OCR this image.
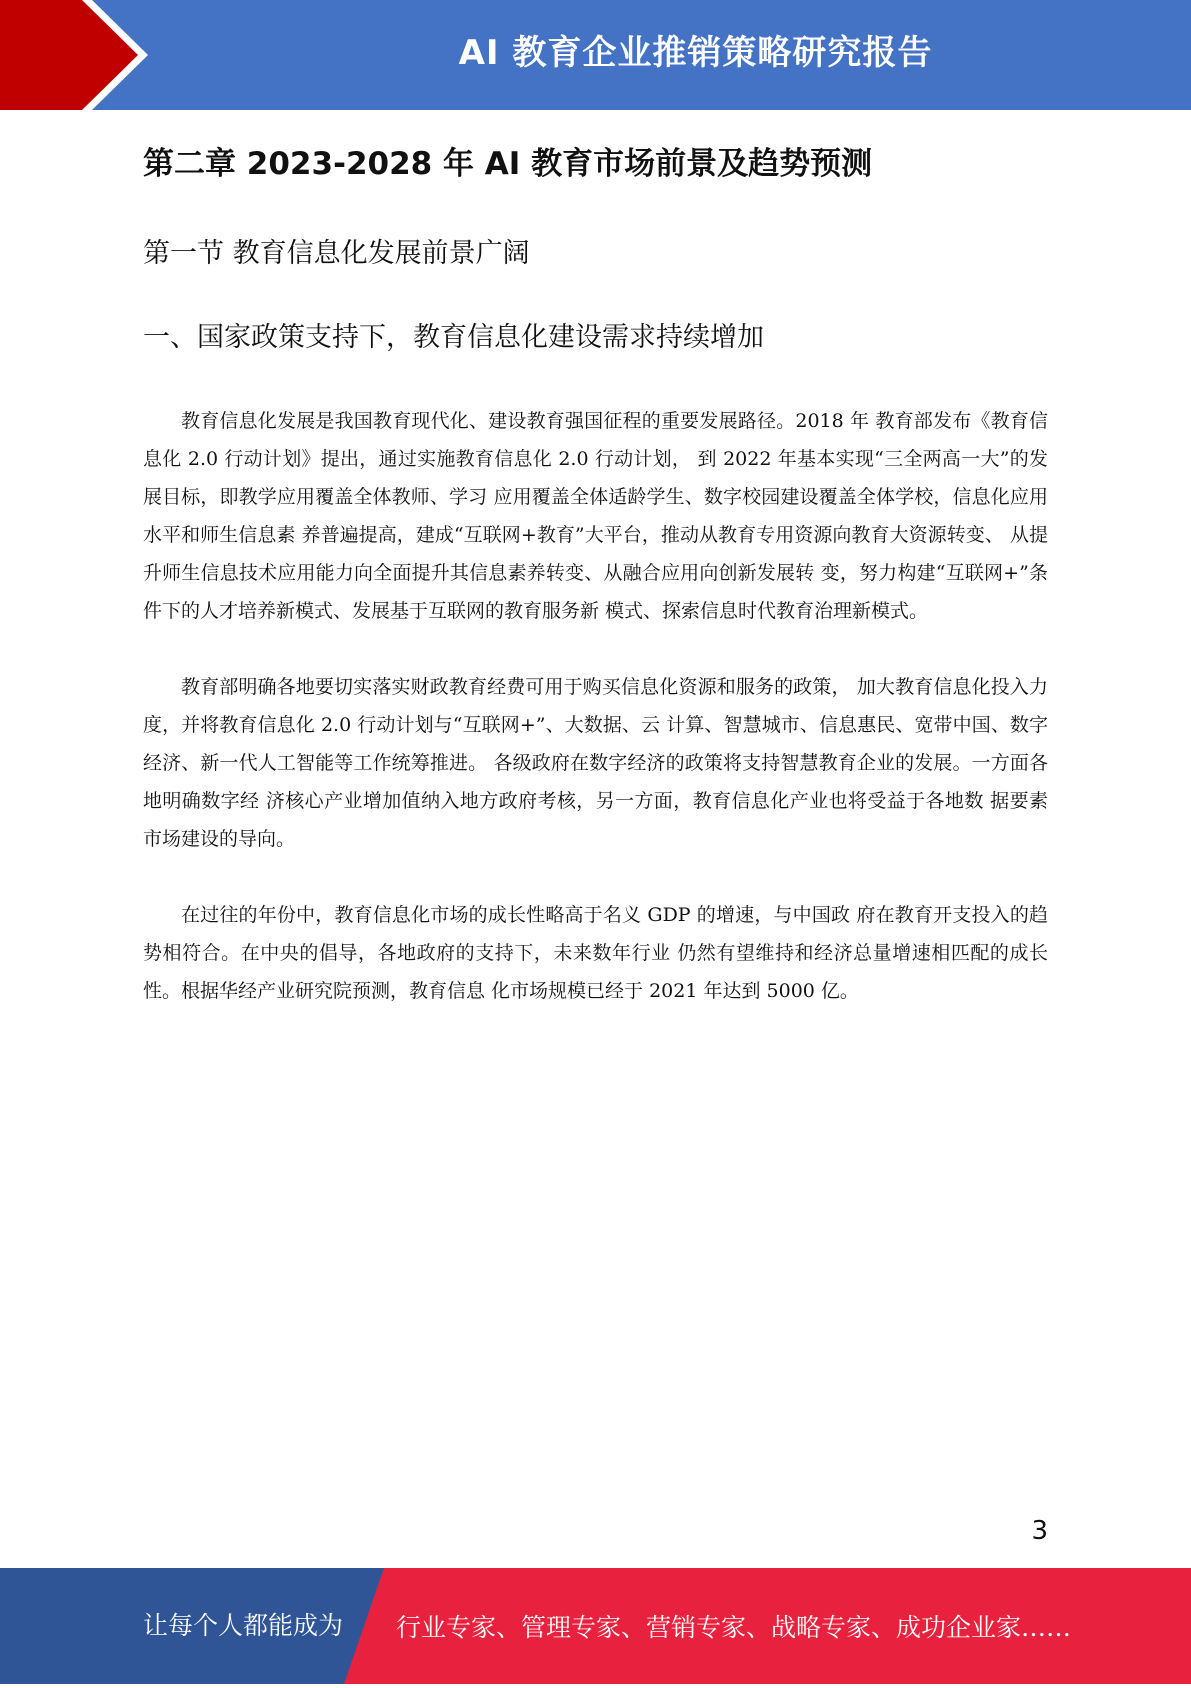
AI 教育企业推销策略研究报告
第二章 2023-2028 年 AI 教育市场前景及趋势预测
第一节 教育信息化发展前景广阔
一、国家政策支持下，教育信息化建设需求持续增加

教育信息化发展是我国教育现代化、建设教育强国征程的重要发展路径。2018 年 教育部发布《教育信息化 2.0 行动计划》提出，通过实施教育信息化 2.0 行动计划， 到 2022 年基本实现“三全两高一大”的发展目标，即教学应用覆盖全体教师、学习 应用覆盖全体适龄学生、数字校园建设覆盖全体学校，信息化应用水平和师生信息素 养普遍提高，建成“互联网+教育”大平台，推动从教育专用资源向教育大资源转变、 从提升师生信息技术应用能力向全面提升其信息素养转变、从融合应用向创新发展转 变，努力构建“互联网+”条件下的人才培养新模式、发展基于互联网的教育服务新 模式、探索信息时代教育治理新模式。

教育部明确各地要切实落实财政教育经费可用于购买信息化资源和服务的政策， 加大教育信息化投入力度，并将教育信息化 2.0 行动计划与“互联网+”、大数据、云 计算、智慧城市、信息惠民、宽带中国、数字经济、新一代人工智能等工作统筹推进。 各级政府在数字经济的政策将支持智慧教育企业的发展。一方面各地明确数字经 济核心产业增加值纳入地方政府考核，另一方面，教育信息化产业也将受益于各地数 据要素市场建设的导向。

在过往的年份中，教育信息化市场的成长性略高于名义 GDP 的增速，与中国政 府在教育开支投入的趋势相符合。在中央的倡导，各地政府的支持下，未来数年行业 仍然有望维持和经济总量增速相匹配的成长性。根据华经产业研究院预测，教育信息 化市场规模已经于 2021 年达到 5000 亿。

3
让每个人都能成为 行业专家、管理专家、营销专家、战略专家、成功企业家……
